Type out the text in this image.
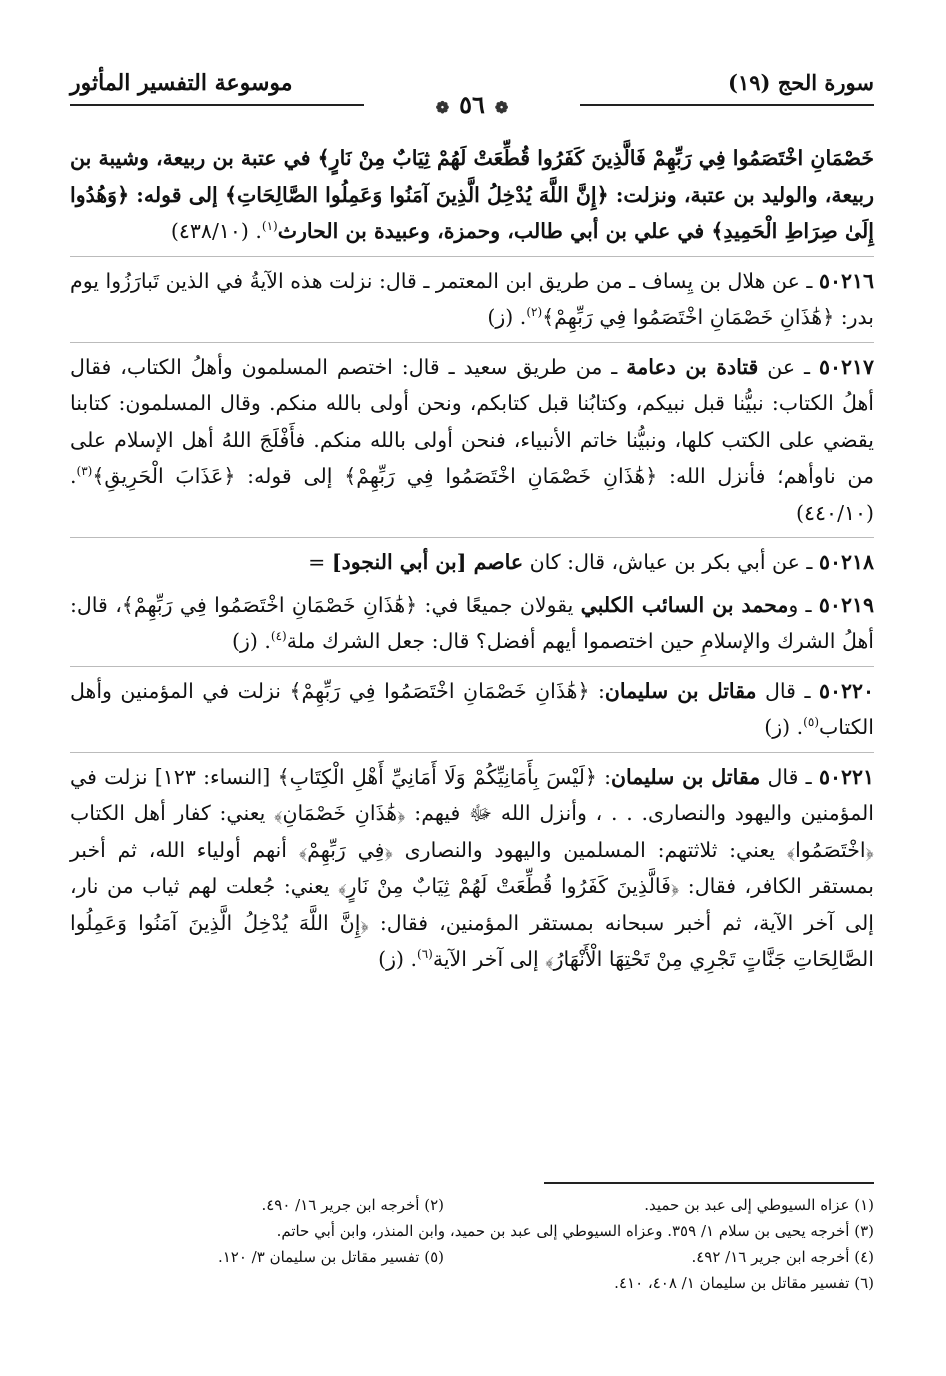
سورة الحج (١٩)
موسوعة التفسير المأثور
❁٥٦❁

خَصْمَانِ اخْتَصَمُوا فِي رَبِّهِمْ فَالَّذِينَ كَفَرُوا قُطِّعَتْ لَهُمْ ثِيَابٌ مِنْ نَارٍ﴾ في عتبة بن ربيعة، وشيبة بن ربيعة، والوليد بن عتبة، ونزلت: ﴿إِنَّ اللَّهَ يُدْخِلُ الَّذِينَ آمَنُوا وَعَمِلُوا الصَّالِحَاتِ﴾ إلى قوله: ﴿وَهُدُوا إِلَىٰ صِرَاطِ الْحَمِيدِ﴾ في علي بن أبي طالب، وحمزة، وعبيدة بن الحارث$^{(١)}$. (٤٣٨/١٠)

٥٠٢١٦ ـ عن هلال بن يِساف ـ من طريق ابن المعتمر ـ قال: نزلت هذه الآيةُ في الذين تَبارَزُوا يوم بدر: ﴿هَٰذَانِ خَصْمَانِ اخْتَصَمُوا فِي رَبِّهِمْ﴾$^{(٢)}$. (ز)

٥٠٢١٧ ـ عن قتادة بن دعامة ـ من طريق سعيد ـ قال: اختصم المسلمون وأهلُ الكتاب، فقال أهلُ الكتاب: نبيُّنا قبل نبيكم، وكتابُنا قبل كتابكم، ونحن أولى بالله منكم. وقال المسلمون: كتابنا يقضي على الكتب كلها، ونبيُّنا خاتم الأنبياء، فنحن أولى بالله منكم. فأَفْلَجَ اللهُ أهل الإسلام على من ناوأهم؛ فأنزل الله: ﴿هَٰذَانِ خَصْمَانِ اخْتَصَمُوا فِي رَبِّهِمْ﴾ إلى قوله: ﴿عَذَابَ الْحَرِيقِ﴾$^{(٣)}$. (٤٤٠/١٠)

٥٠٢١٨ ـ عن أبي بكر بن عياش، قال: كان عاصم [بن أبي النجود] =

٥٠٢١٩ ـ ومحمد بن السائب الكلبي يقولان جميعًا في: ﴿هَٰذَانِ خَصْمَانِ اخْتَصَمُوا فِي رَبِّهِمْ﴾، قال: أهلُ الشرك والإسلامِ حين اختصموا أيهم أفضل؟ قال: جعل الشرك ملة$^{(٤)}$. (ز)

٥٠٢٢٠ ـ قال مقاتل بن سليمان: ﴿هَٰذَانِ خَصْمَانِ اخْتَصَمُوا فِي رَبِّهِمْ﴾ نزلت في المؤمنين وأهل الكتاب$^{(٥)}$. (ز)

٥٠٢٢١ ـ قال مقاتل بن سليمان: ﴿لَيْسَ بِأَمَانِيِّكُمْ وَلَا أَمَانِيِّ أَهْلِ الْكِتَابِ﴾ [النساء: ١٢٣] نزلت في المؤمنين واليهود والنصارى. . . ، وأنزل الله ﷻ فيهم: ﴿هَٰذَانِ خَصْمَانِ﴾ يعني: كفار أهل الكتاب ﴿اخْتَصَمُوا﴾ يعني: ثلاثتهم: المسلمين واليهود والنصارى ﴿فِي رَبِّهِمْ﴾ أنهم أولياء الله، ثم أخبر بمستقر الكافر، فقال: ﴿فَالَّذِينَ كَفَرُوا قُطِّعَتْ لَهُمْ ثِيَابٌ مِنْ نَارٍ﴾ يعني: جُعلت لهم ثياب من نار، إلى آخر الآية، ثم أخبر سبحانه بمستقر المؤمنين، فقال: ﴿إِنَّ اللَّهَ يُدْخِلُ الَّذِينَ آمَنُوا وَعَمِلُوا الصَّالِحَاتِ جَنَّاتٍ تَجْرِي مِنْ تَحْتِهَا الْأَنْهَارُ﴾ إلى آخر الآية$^{(٦)}$. (ز)

(١) عزاه السيوطي إلى عبد بن حميد.
(٢) أخرجه ابن جرير ١٦/ ٤٩٠.
(٣) أخرجه يحيى بن سلام ١/ ٣٥٩. وعزاه السيوطي إلى عبد بن حميد، وابن المنذر، وابن أبي حاتم.
(٤) أخرجه ابن جرير ١٦/ ٤٩٢.
(٥) تفسير مقاتل بن سليمان ٣/ ١٢٠.
(٦) تفسير مقاتل بن سليمان ١/ ٤٠٨، ٤١٠.
